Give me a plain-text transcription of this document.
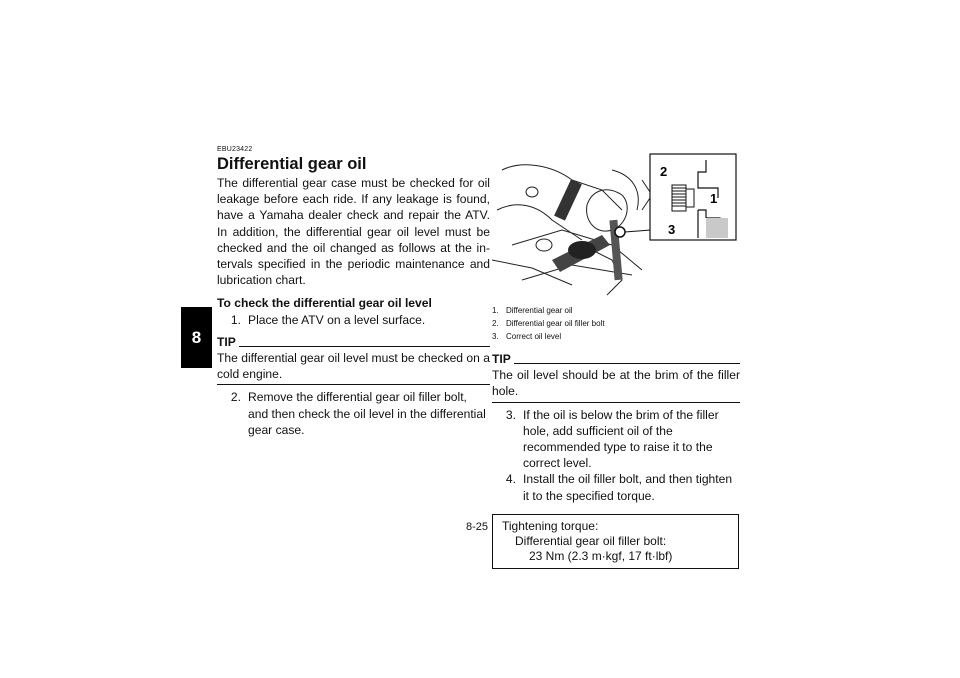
8
EBU23422
Differential gear oil

The differential gear case must be checked for oil leakage before each ride. If any leakage is found, have a Yamaha dealer check and repair the ATV. In addition, the differential gear oil level must be checked and the oil changed as follows at the in- tervals specified in the periodic maintenance and lubrication chart.

To check the differential gear oil level
1. Place the ATV on a level surface.
TIP

The differential gear oil level must be checked on a cold engine.

2. Remove the differential gear oil filler bolt, and then check the oil level in the differential gear case.
2
1
3
1. Differential gear oil
2. Differential gear oil filler bolt
3. Correct oil level
TIP

The oil level should be at the brim of the filler hole.

3. If the oil is below the brim of the filler hole, add sufficient oil of the recommended type to raise it to the correct level.
4. Install the oil filler bolt, and then tighten it to the specified torque.
Tightening torque:
Differential gear oil filler bolt:
23 Nm (2.3 m·kgf, 17 ft·lbf)
8-25
